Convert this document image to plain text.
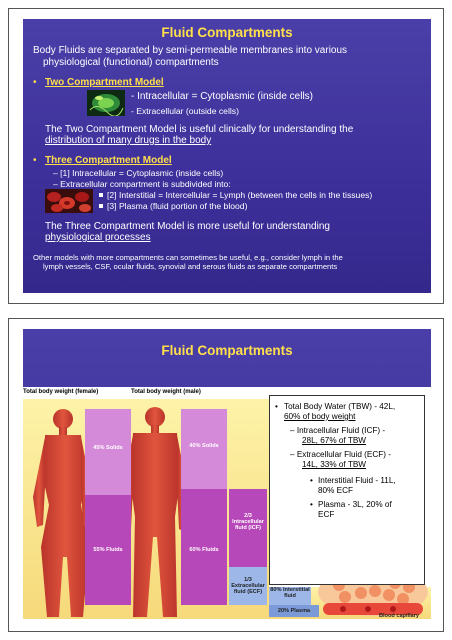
Fluid Compartments
Body Fluids are separated by semi-permeable membranes into various
physiological (functional) compartments
• Two Compartment Model
- Intracellular = Cytoplasmic (inside cells)
- Extracellular (outside cells)
The Two Compartment Model is useful clinically for understanding the
distribution of many drugs in the body
• Three Compartment Model
– [1] Intracellular = Cytoplasmic (inside cells)
– Extracellular compartment is subdivided into:
[2] Interstitial = Intercellular = Lymph (between the cells in the tissues)
[3] Plasma (fluid portion of the blood)
The Three Compartment Model is more useful for understanding
physiological processes
Other models with more compartments can sometimes be useful, e.g., consider lymph in the
lymph vessels, CSF, ocular fluids, synovial and serous fluids as separate compartments
Fluid Compartments
Total body weight (female)	Total body weight (male)
45% Solids
55% Fluids
40% Solids
60% Fluids
2/3 Intracellular fluid (ICF)
1/3 Extracellular fluid (ECF)	80% Interstitial fluid
20% Plasma
Blood capillary
• Total Body Water (TBW) - 42L,
60% of body weight
– Intracellular Fluid (ICF) -
28L, 67% of TBW
– Extracellular Fluid (ECF) -
14L, 33% of TBW
• Interstitial Fluid - 11L,
80% ECF
• Plasma - 3L, 20% of
ECF
